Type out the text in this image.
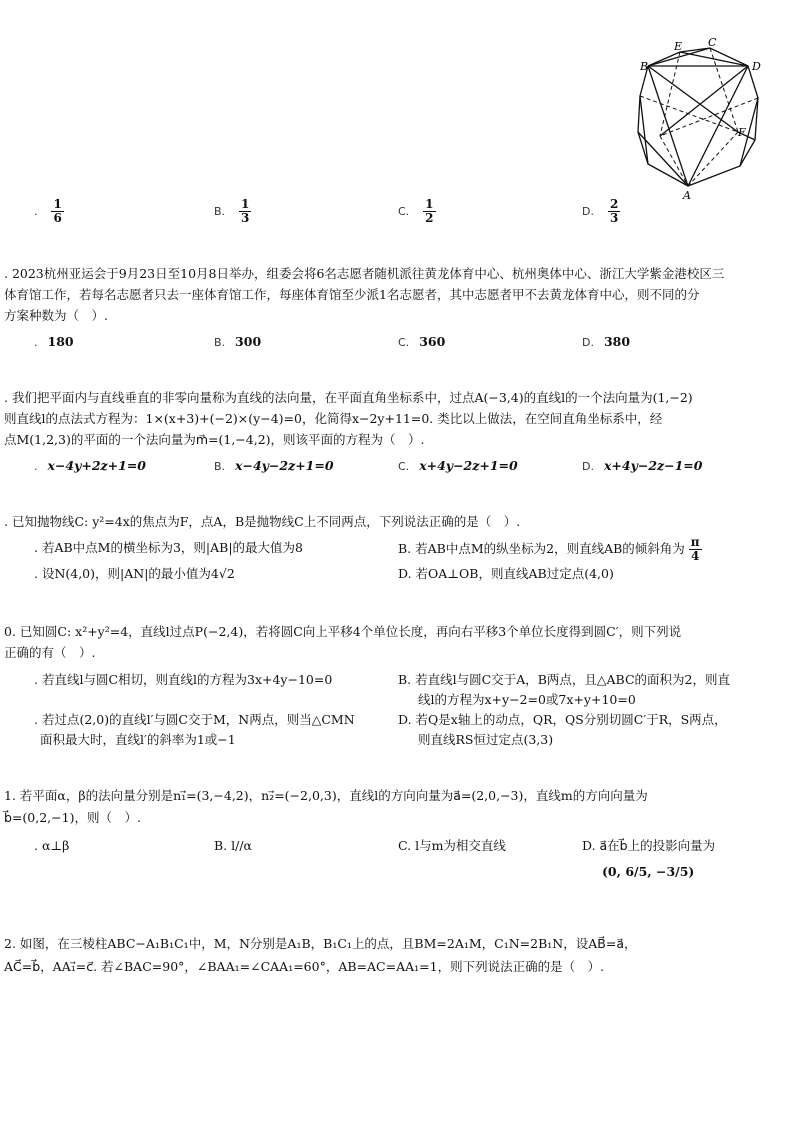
B
E C
D
F
A
. $\frac{1}{6}$	B. $\frac{1}{3}$	C. $\frac{1}{2}$	D. $\frac{2}{3}$
. 2023杭州亚运会于9月23日至10月8日举办，组委会将6名志愿者随机派往黄龙体育中心、杭州奥体中心、浙江大学紫金港校区三
体育馆工作，若每名志愿者只去一座体育馆工作，每座体育馆至少派1名志愿者，其中志愿者甲不去黄龙体育中心，则不同的分
方案种数为（　）.
. 180	B. 300	C. 360	D. 380
. 我们把平面内与直线垂直的非零向量称为直线的法向量，在平面直角坐标系中，过点A(−3,4)的直线l的一个法向量为(1,−2)
则直线l的点法式方程为：1×(x+3)+(−2)×(y−4)=0，化简得x−2y+11=0. 类比以上做法，在空间直角坐标系中，经
点M(1,2,3)的平面的一个法向量为m⃗=(1,−4,2)，则该平面的方程为（　）.
. x−4y+2z+1=0	B. x−4y−2z+1=0	C. x+4y−2z+1=0	D. x+4y−2z−1=0
. 已知抛物线C: y²=4x的焦点为F，点A，B是抛物线C上不同两点，下列说法正确的是（　）.
. 若AB中点M的横坐标为3，则|AB|的最大值为8	B. 若AB中点M的纵坐标为2，则直线AB的倾斜角为 $\frac{\pi}{4}$
. 设N(4,0)，则|AN|的最小值为4√2	D. 若OA⊥OB，则直线AB过定点(4,0)
0. 已知圆C: x²+y²=4，直线l过点P(−2,4)，若将圆C向上平移4个单位长度，再向右平移3个单位长度得到圆C′，则下列说
正确的有（　）.
. 若直线l与圆C相切，则直线l的方程为3x+4y−10=0	B. 若直线l与圆C交于A，B两点，且△ABC的面积为2，则直
线l的方程为x+y−2=0或7x+y+10=0
. 若过点(2,0)的直线l′与圆C交于M，N两点，则当△CMN
面积最大时，直线l′的斜率为1或−1
D. 若Q是x轴上的动点，QR，QS分别切圆C′于R，S两点，
则直线RS恒过定点(3,3)
1. 若平面α，β的法向量分别是n₁⃗=(3,−4,2)，n₂⃗=(−2,0,3)，直线l的方向向量为a⃗=(2,0,−3)，直线m的方向向量为
b⃗=(0,2,−1)，则（　）.
. α⊥β	B. l//α	C. l与m为相交直线	D. a⃗在b⃗上的投影向量为
(0, 6/5, −3/5)
2. 如图，在三棱柱ABC−A₁B₁C₁中，M，N分别是A₁B，B₁C₁上的点，且BM=2A₁M，C₁N=2B₁N，设AB⃗=a⃗，
AC⃗=b⃗，AA₁⃗=c⃗. 若∠BAC=90°，∠BAA₁=∠CAA₁=60°，AB=AC=AA₁=1，则下列说法正确的是（　）.
